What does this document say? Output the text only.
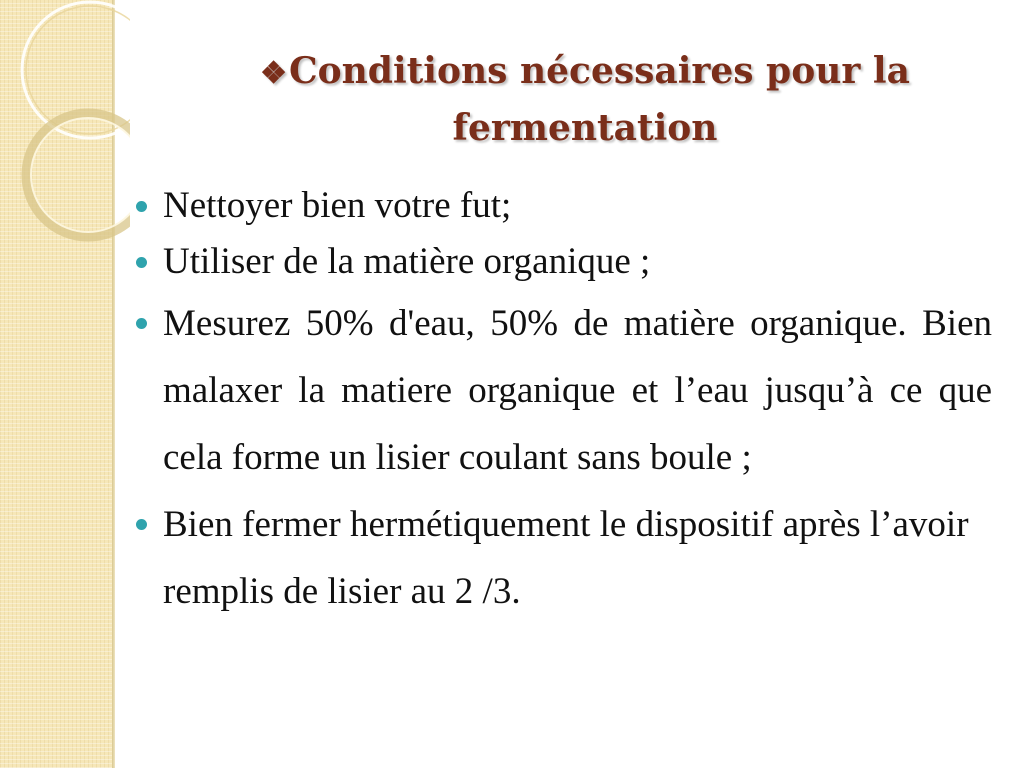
❖Conditions nécessaires pour la fermentation
Nettoyer bien votre fut;
Utiliser de la matière organique ;
Mesurez 50% d'eau, 50% de matière organique. Bien malaxer la matiere organique et l’eau jusqu’à ce que cela forme un lisier coulant sans boule ;
Bien fermer hermétiquement le dispositif après l’avoir remplis de lisier au 2 /3.
